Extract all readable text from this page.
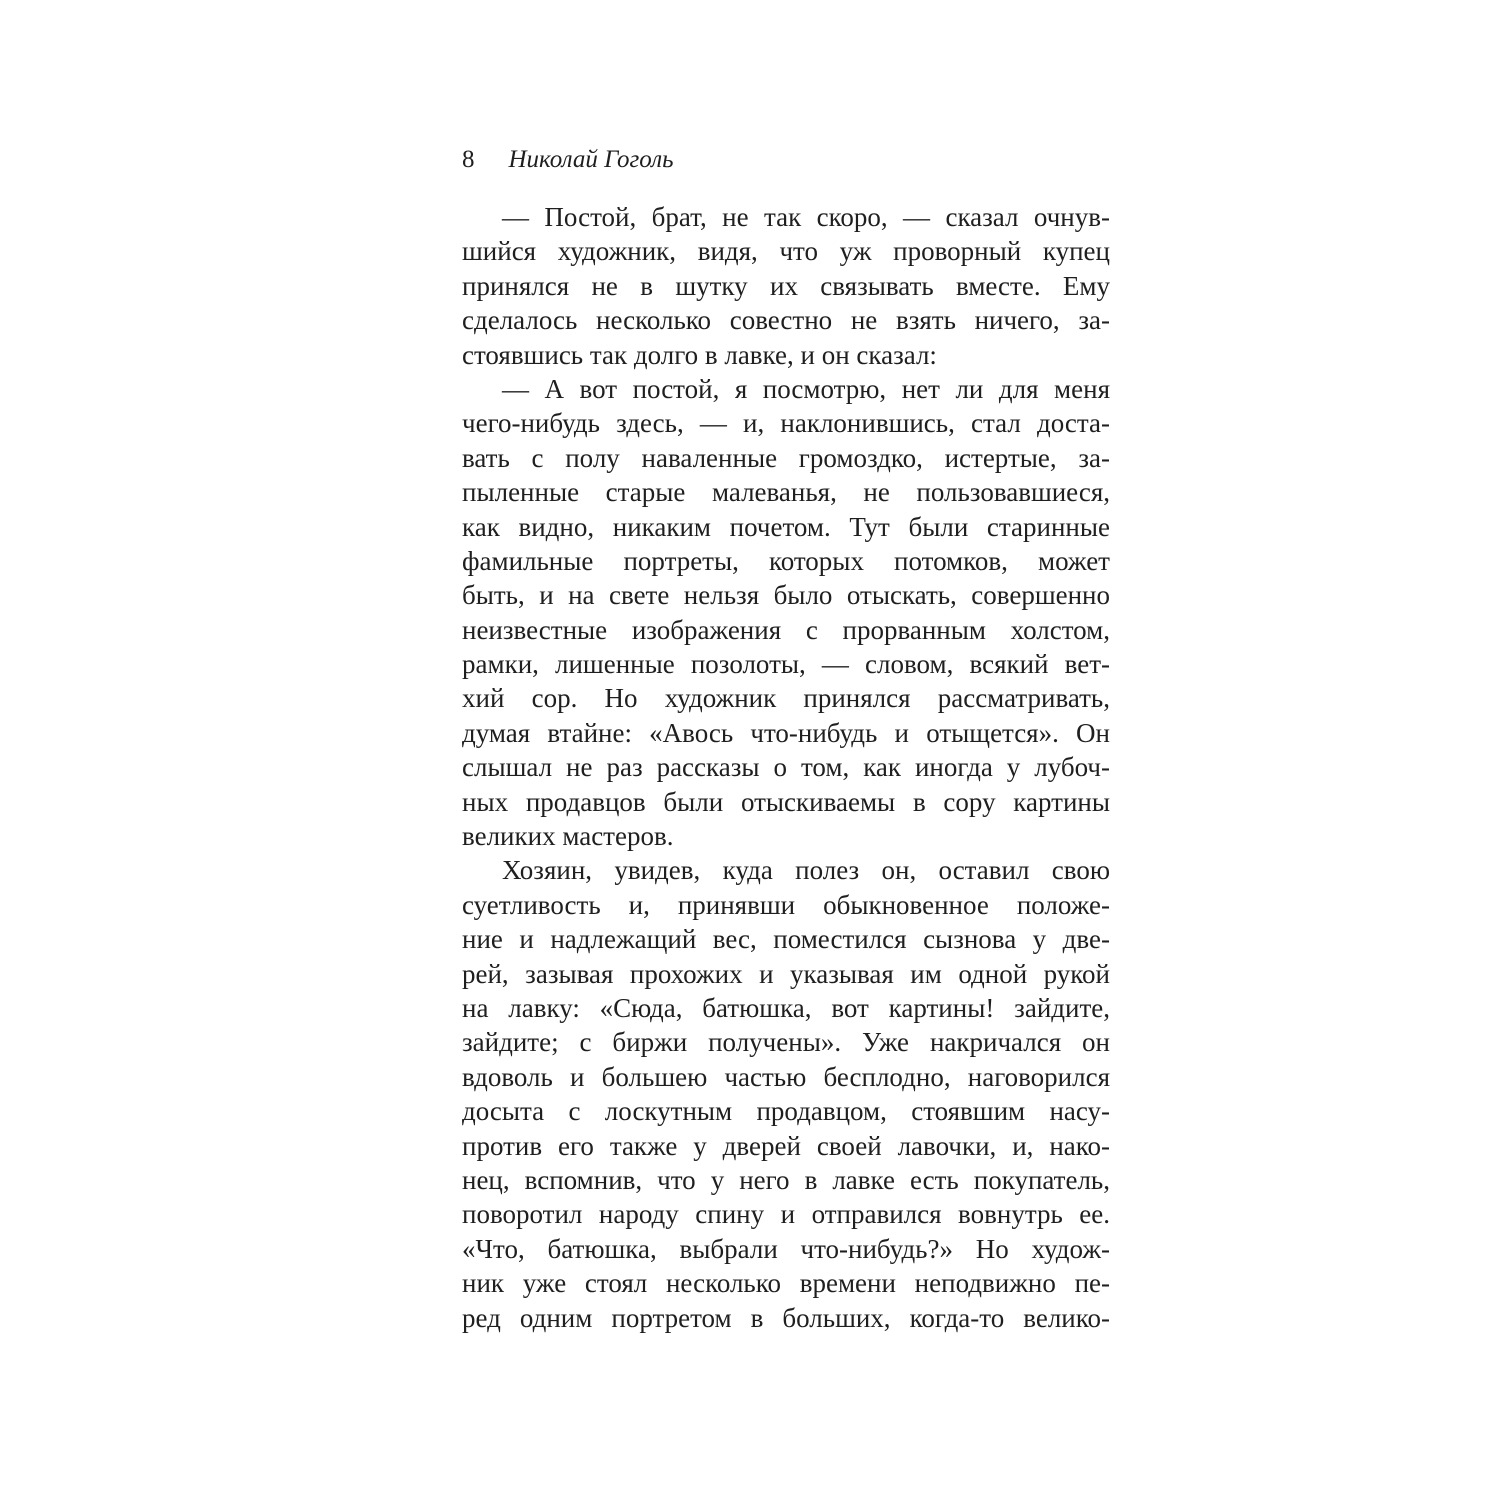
8 Николай Гоголь
— Постой, брат, не так скоро, — сказал очнув-
шийся художник, видя, что уж проворный купец
принялся не в шутку их связывать вместе. Ему
сделалось несколько совестно не взять ничего, за-
стоявшись так долго в лавке, и он сказал:
— А вот постой, я посмотрю, нет ли для меня
чего-нибудь здесь, — и, наклонившись, стал доста-
вать с полу наваленные громоздко, истертые, за-
пыленные старые малеванья, не пользовавшиеся,
как видно, никаким почетом. Тут были старинные
фамильные портреты, которых потомков, может
быть, и на свете нельзя было отыскать, совершенно
неизвестные изображения с прорванным холстом,
рамки, лишенные позолоты, — словом, всякий вет-
хий сор. Но художник принялся рассматривать,
думая втайне: «Авось что-нибудь и отыщется». Он
слышал не раз рассказы о том, как иногда у лубоч-
ных продавцов были отыскиваемы в сору картины
великих мастеров.
Хозяин, увидев, куда полез он, оставил свою
суетливость и, принявши обыкновенное положе-
ние и надлежащий вес, поместился сызнова у две-
рей, зазывая прохожих и указывая им одной рукой
на лавку: «Сюда, батюшка, вот картины! зайдите,
зайдите; с биржи получены». Уже накричался он
вдоволь и большею частью бесплодно, наговорился
досыта с лоскутным продавцом, стоявшим насу-
против его также у дверей своей лавочки, и, нако-
нец, вспомнив, что у него в лавке есть покупатель,
поворотил народу спину и отправился вовнутрь ее.
«Что, батюшка, выбрали что-нибудь?» Но худож-
ник уже стоял несколько времени неподвижно пе-
ред одним портретом в больших, когда-то велико-
